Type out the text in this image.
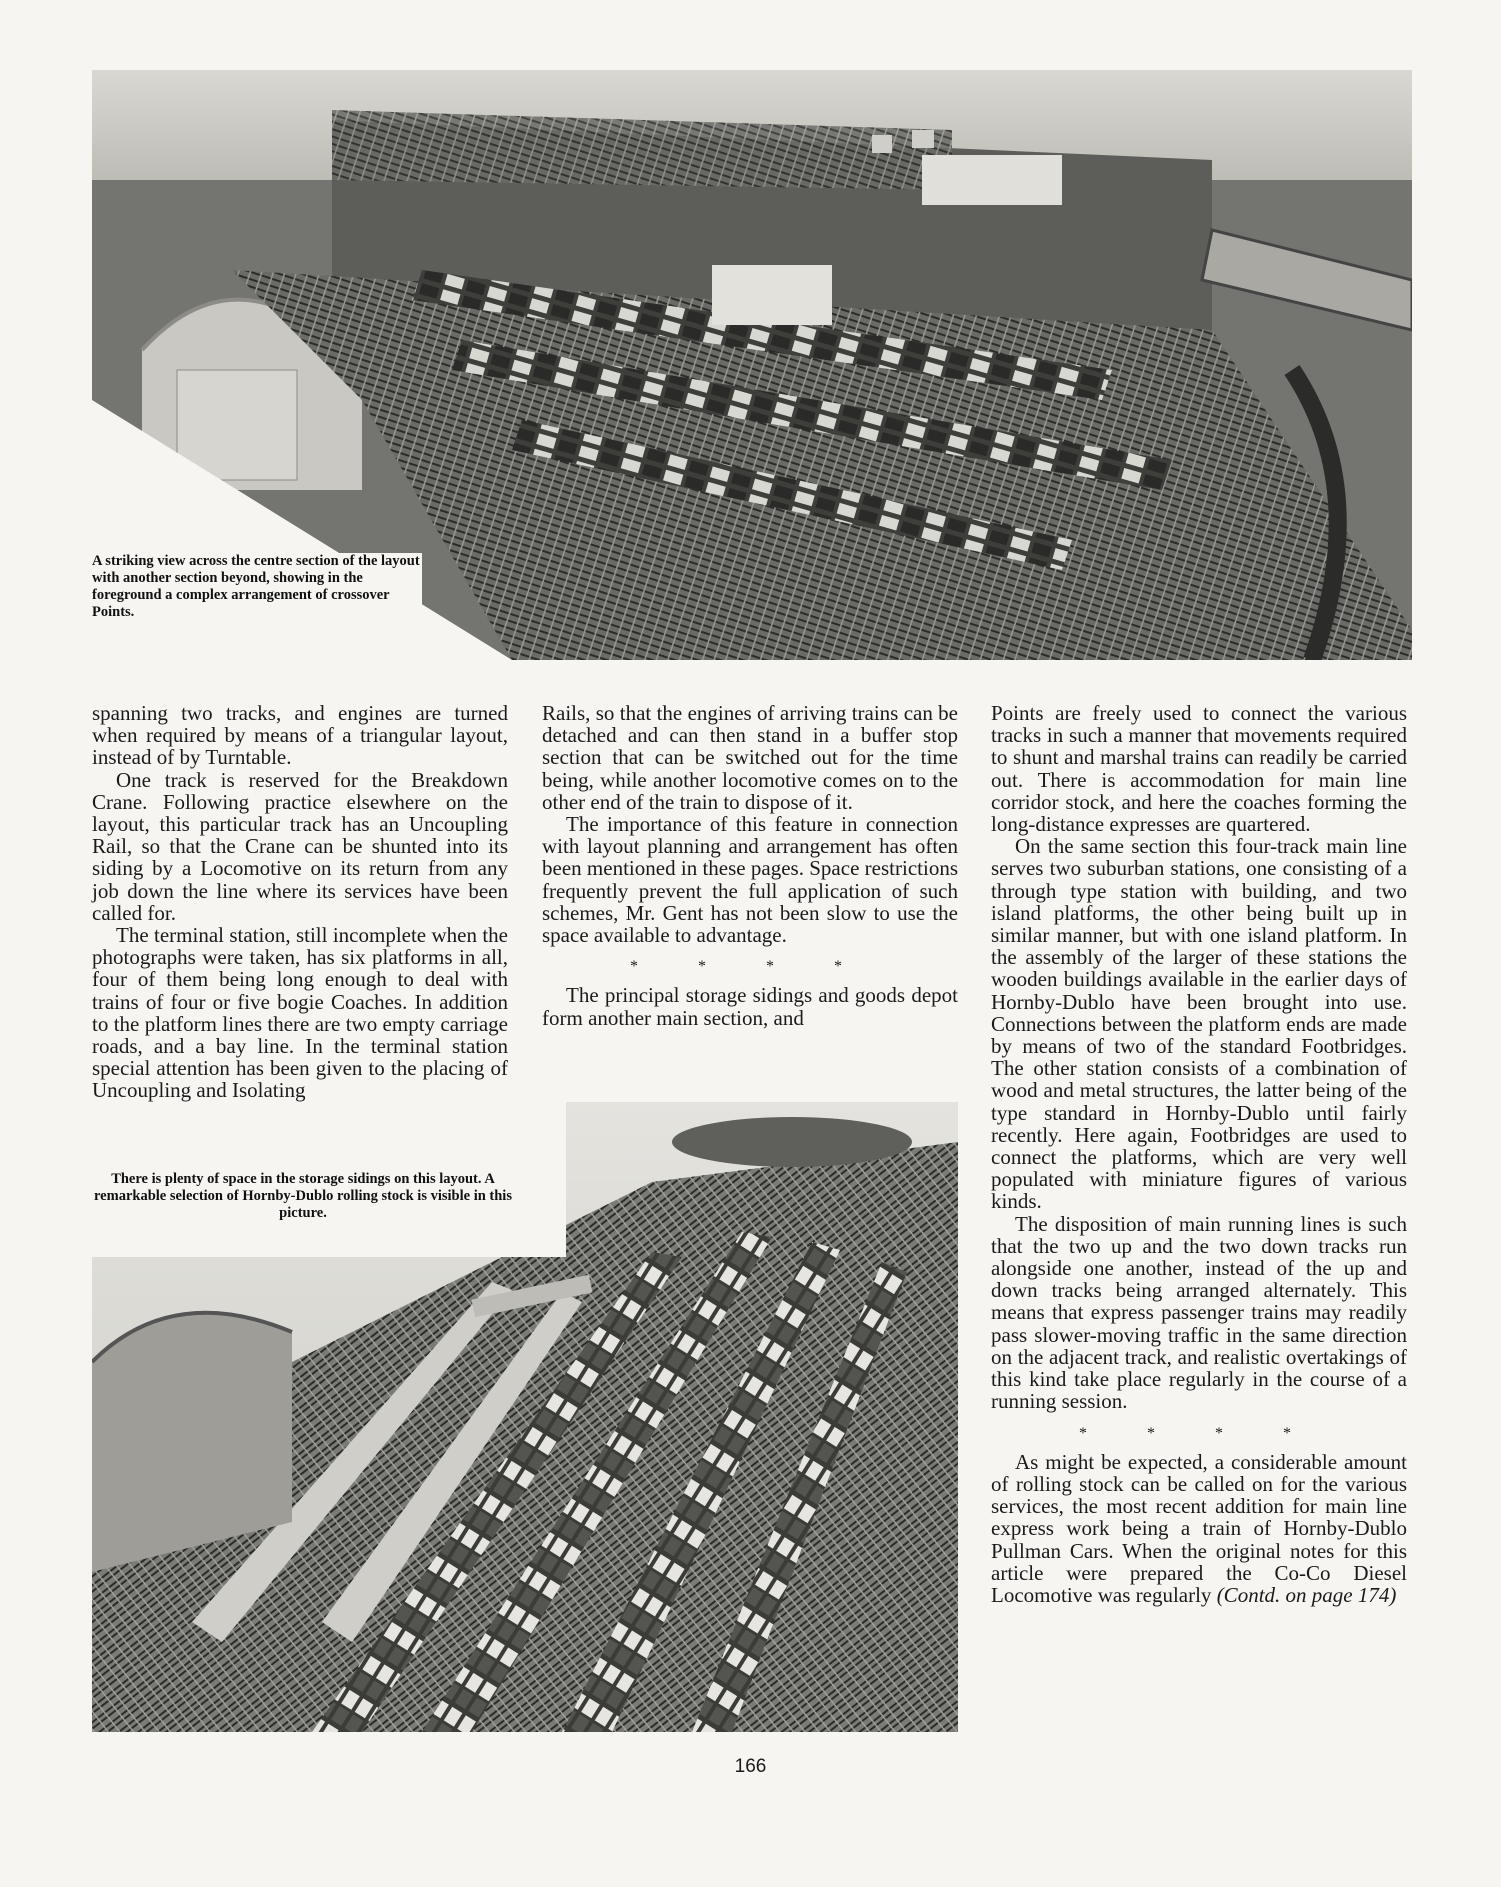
A striking view across the centre section of the layout with another section beyond, showing in the foreground a complex arrangement of crossover Points.

spanning two tracks, and engines are turned when required by means of a triangular layout, instead of by Turntable.

One track is reserved for the Breakdown Crane. Following practice elsewhere on the layout, this particular track has an Uncoupling Rail, so that the Crane can be shunted into its siding by a Locomotive on its return from any job down the line where its services have been called for.

The terminal station, still incomplete when the photographs were taken, has six platforms in all, four of them being long enough to deal with trains of four or five bogie Coaches. In addition to the platform lines there are two empty carriage roads, and a bay line. In the terminal station special attention has been given to the placing of Uncoupling and Isolating

Rails, so that the engines of arriving trains can be detached and can then stand in a buffer stop section that can be switched out for the time being, while another locomotive comes on to the other end of the train to dispose of it.

The importance of this feature in connection with layout planning and arrangement has often been mentioned in these pages. Space restrictions frequently prevent the full application of such schemes, Mr. Gent has not been slow to use the space available to advantage.

* * * *

The principal storage sidings and goods depot form another main section, and

Points are freely used to connect the various tracks in such a manner that movements required to shunt and marshal trains can readily be carried out. There is accommodation for main line corridor stock, and here the coaches forming the long-distance expresses are quartered.

On the same section this four-track main line serves two suburban stations, one consisting of a through type station with building, and two island platforms, the other being built up in similar manner, but with one island platform. In the assembly of the larger of these stations the wooden buildings available in the earlier days of Hornby-Dublo have been brought into use. Connections between the platform ends are made by means of two of the standard Footbridges. The other station consists of a combination of wood and metal structures, the latter being of the type standard in Hornby-Dublo until fairly recently. Here again, Footbridges are used to connect the platforms, which are very well populated with miniature figures of various kinds.

The disposition of main running lines is such that the two up and the two down tracks run alongside one another, instead of the up and down tracks being arranged alternately. This means that express passenger trains may readily pass slower-moving traffic in the same direction on the adjacent track, and realistic overtakings of this kind take place regularly in the course of a running session.

* * * *

As might be expected, a considerable amount of rolling stock can be called on for the various services, the most recent addition for main line express work being a train of Hornby-Dublo Pullman Cars. When the original notes for this article were prepared the Co-Co Diesel Locomotive was regularly (Contd. on page 174)

There is plenty of space in the storage sidings on this layout. A remarkable selection of Hornby-Dublo rolling stock is visible in this picture.
166
